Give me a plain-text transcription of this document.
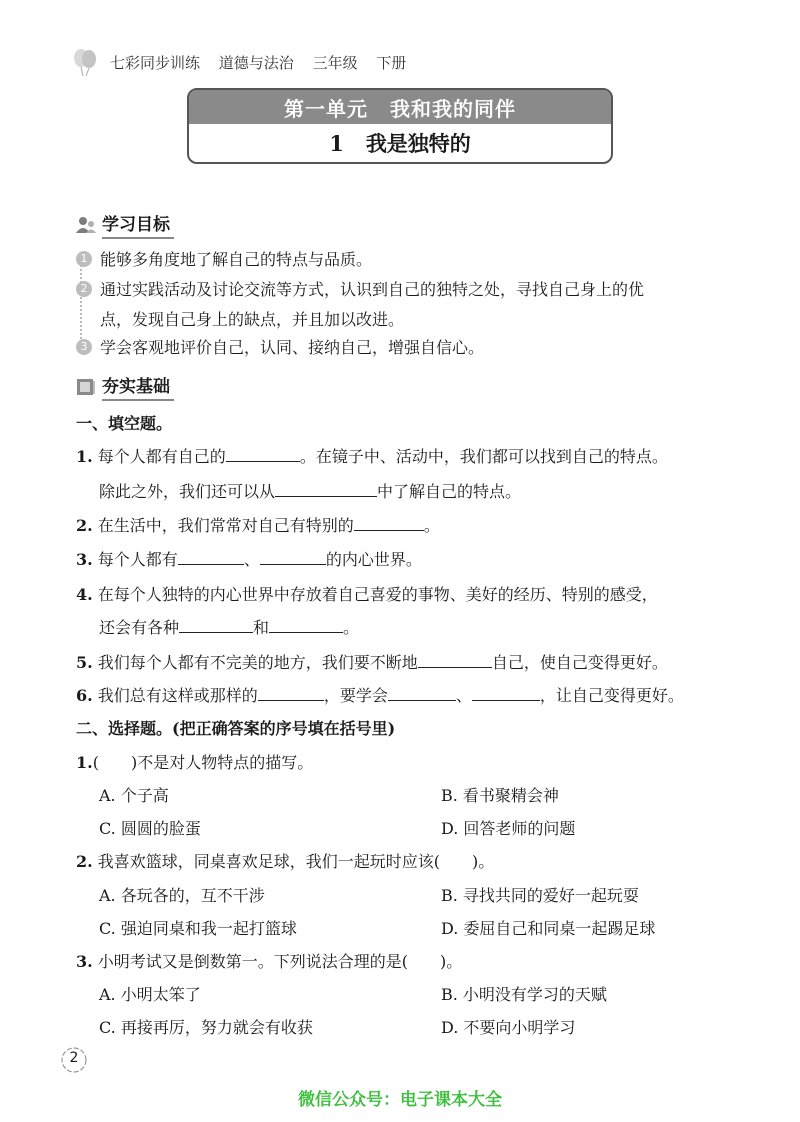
七彩同步训练 道德与法治 三年级 下册
第一单元 我和我的同伴
1 我是独特的
学习目标
1 能够多角度地了解自己的特点与品质。
2 通过实践活动及讨论交流等方式，认识到自己的独特之处，寻找自己身上的优
点，发现自己身上的缺点，并且加以改进。
3 学会客观地评价自己，认同、接纳自己，增强自信心。
夯实基础
一、填空题。
1. 每个人都有自己的	。在镜子中、活动中，我们都可以找到自己的特点。
除此之外，我们还可以从	中了解自己的特点。
2. 在生活中，我们常常对自己有特别的	。
3. 每个人都有	、	的内心世界。
4. 在每个人独特的内心世界中存放着自己喜爱的事物、美好的经历、特别的感受，
还会有各种	和	。
5. 我们每个人都有不完美的地方，我们要不断地	自己，使自己变得更好。
6. 我们总有这样或那样的	，要学会	、	，让自己变得更好。
二、选择题。(把正确答案的序号填在括号里)
1.( )不是对人物特点的描写。
A. 个子高	B. 看书聚精会神
C. 圆圆的脸蛋	D. 回答老师的问题
2. 我喜欢篮球，同桌喜欢足球，我们一起玩时应该( )。
A. 各玩各的，互不干涉	B. 寻找共同的爱好一起玩耍
C. 强迫同桌和我一起打篮球	D. 委屈自己和同桌一起踢足球
3. 小明考试又是倒数第一。下列说法合理的是( )。
A. 小明太笨了	B. 小明没有学习的天赋
C. 再接再厉，努力就会有收获	D. 不要向小明学习
2
微信公众号：电子课本大全
